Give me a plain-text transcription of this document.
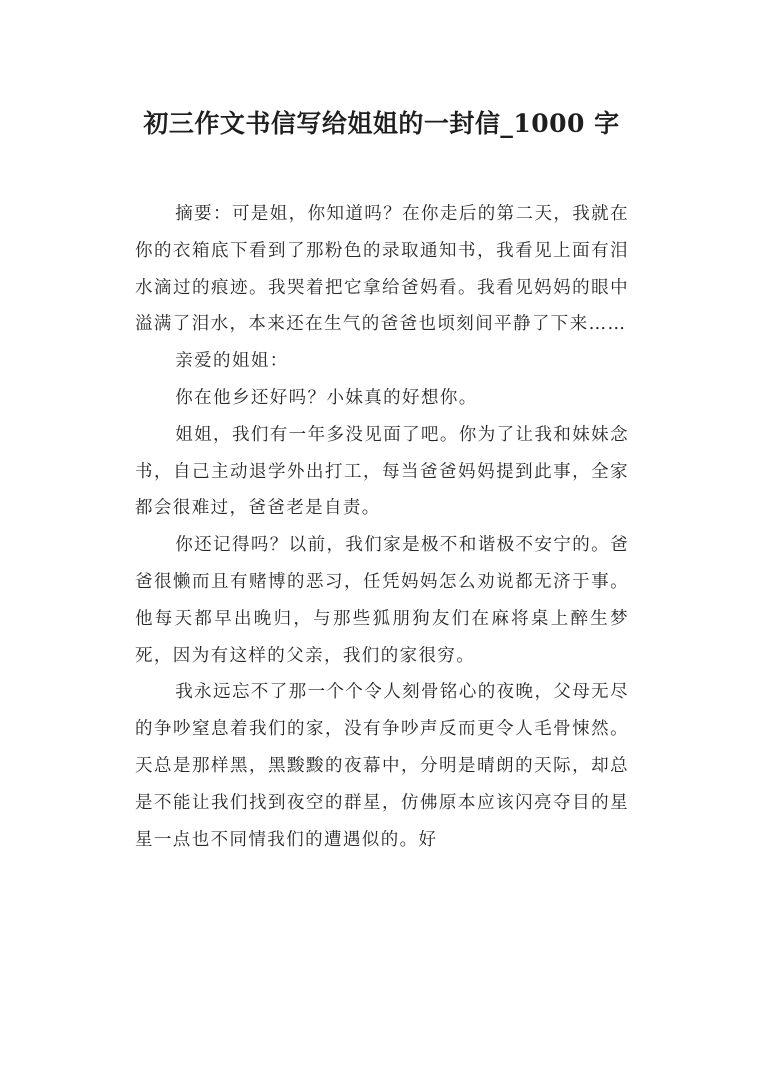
初三作文书信写给姐姐的一封信_1000 字

摘要：可是姐，你知道吗？在你走后的第二天，我就在你的衣箱底下看到了那粉色的录取通知书，我看见上面有泪水滴过的痕迹。我哭着把它拿给爸妈看。我看见妈妈的眼中溢满了泪水，本来还在生气的爸爸也顷刻间平静了下来……

亲爱的姐姐：

你在他乡还好吗？小妹真的好想你。

姐姐，我们有一年多没见面了吧。你为了让我和妹妹念书，自己主动退学外出打工，每当爸爸妈妈提到此事，全家都会很难过，爸爸老是自责。

你还记得吗？以前，我们家是极不和谐极不安宁的。爸爸很懒而且有赌博的恶习，任凭妈妈怎么劝说都无济于事。他每天都早出晚归，与那些狐朋狗友们在麻将桌上醉生梦死，因为有这样的父亲，我们的家很穷。

我永远忘不了那一个个令人刻骨铭心的夜晚，父母无尽的争吵窒息着我们的家，没有争吵声反而更令人毛骨悚然。天总是那样黑，黑黢黢的夜幕中，分明是晴朗的天际，却总是不能让我们找到夜空的群星，仿佛原本应该闪亮夺目的星星一点也不同情我们的遭遇似的。好
